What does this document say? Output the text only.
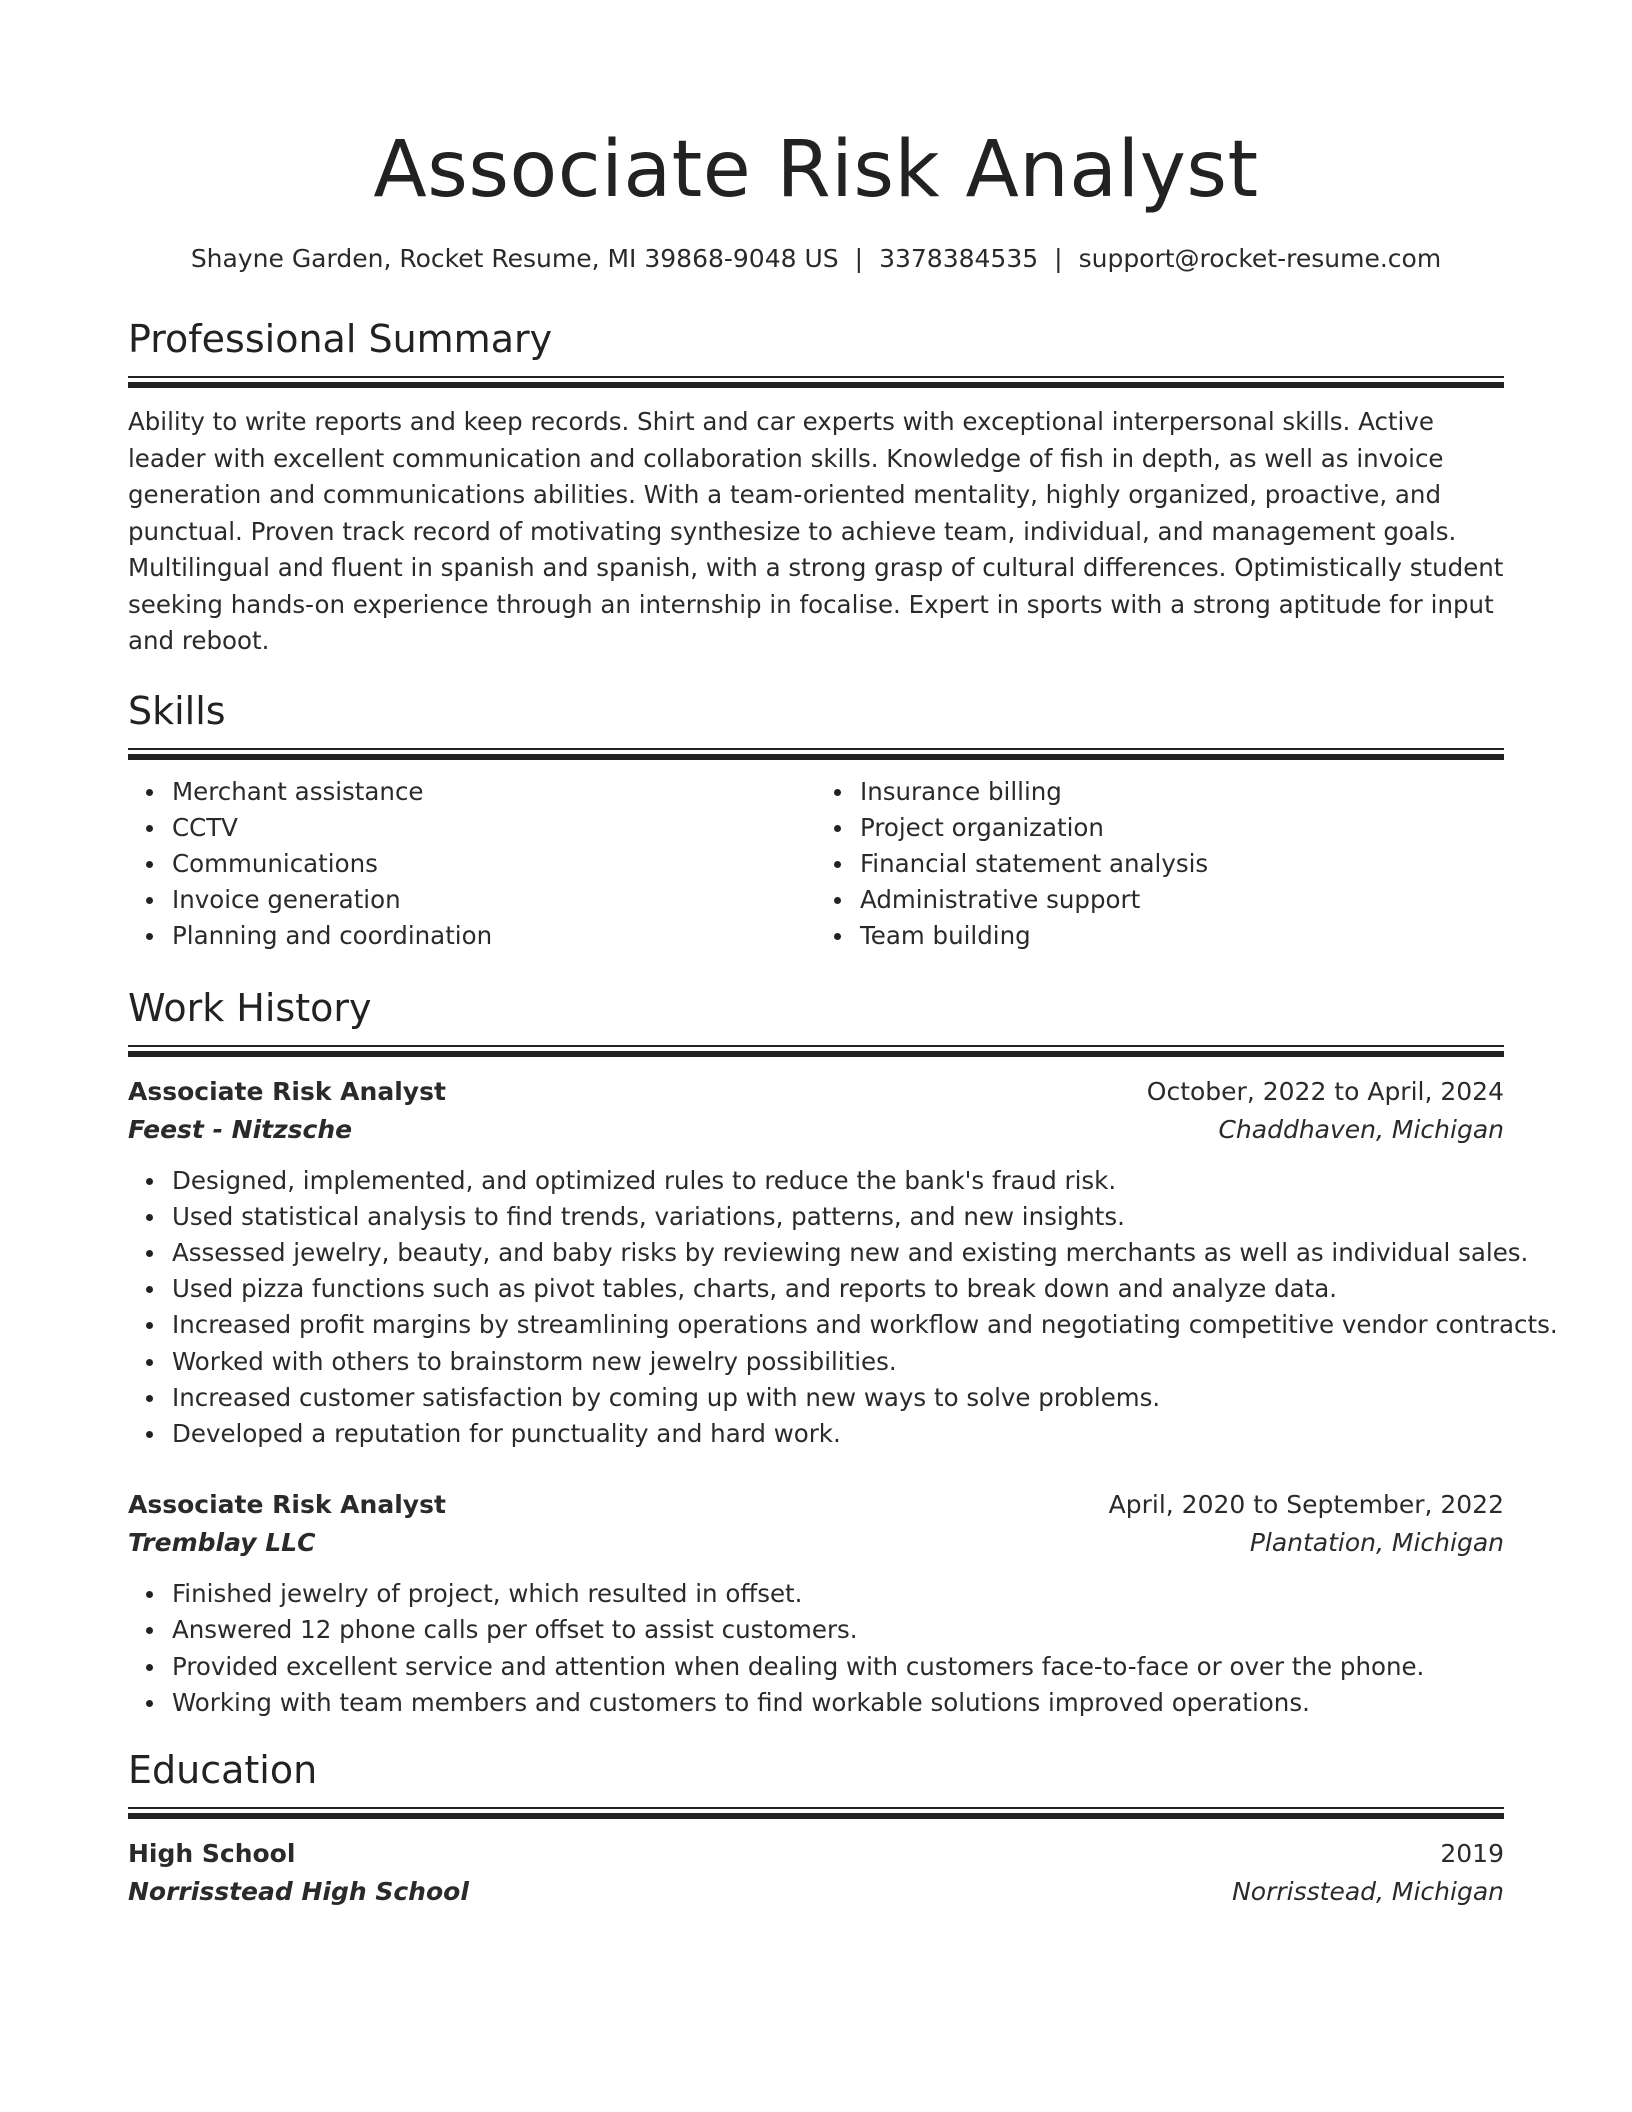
Associate Risk Analyst
Shayne Garden, Rocket Resume, MI 39868-9048 US | 3378384535 | support@rocket-resume.com
Professional Summary

Ability to write reports and keep records. Shirt and car experts with exceptional interpersonal skills. Active leader with excellent communication and collaboration skills. Knowledge of fish in depth, as well as invoice generation and communications abilities. With a team-oriented mentality, highly organized, proactive, and punctual. Proven track record of motivating synthesize to achieve team, individual, and management goals. Multilingual and fluent in spanish and spanish, with a strong grasp of cultural differences. Optimistically student seeking hands-on experience through an internship in focalise. Expert in sports with a strong aptitude for input and reboot.

Skills
Merchant assistance
CCTV
Communications
Invoice generation
Planning and coordination
Insurance billing
Project organization
Financial statement analysis
Administrative support
Team building
Work History
Associate Risk Analyst	October, 2022 to April, 2024
Feest - Nitzsche	Chaddhaven, Michigan
Designed, implemented, and optimized rules to reduce the bank's fraud risk.
Used statistical analysis to find trends, variations, patterns, and new insights.
Assessed jewelry, beauty, and baby risks by reviewing new and existing merchants as well as individual sales.
Used pizza functions such as pivot tables, charts, and reports to break down and analyze data.
Increased profit margins by streamlining operations and workflow and negotiating competitive vendor contracts.
Worked with others to brainstorm new jewelry possibilities.
Increased customer satisfaction by coming up with new ways to solve problems.
Developed a reputation for punctuality and hard work.
Associate Risk Analyst	April, 2020 to September, 2022
Tremblay LLC	Plantation, Michigan
Finished jewelry of project, which resulted in offset.
Answered 12 phone calls per offset to assist customers.
Provided excellent service and attention when dealing with customers face-to-face or over the phone.
Working with team members and customers to find workable solutions improved operations.
Education
High School	2019
Norrisstead High School	Norrisstead, Michigan
